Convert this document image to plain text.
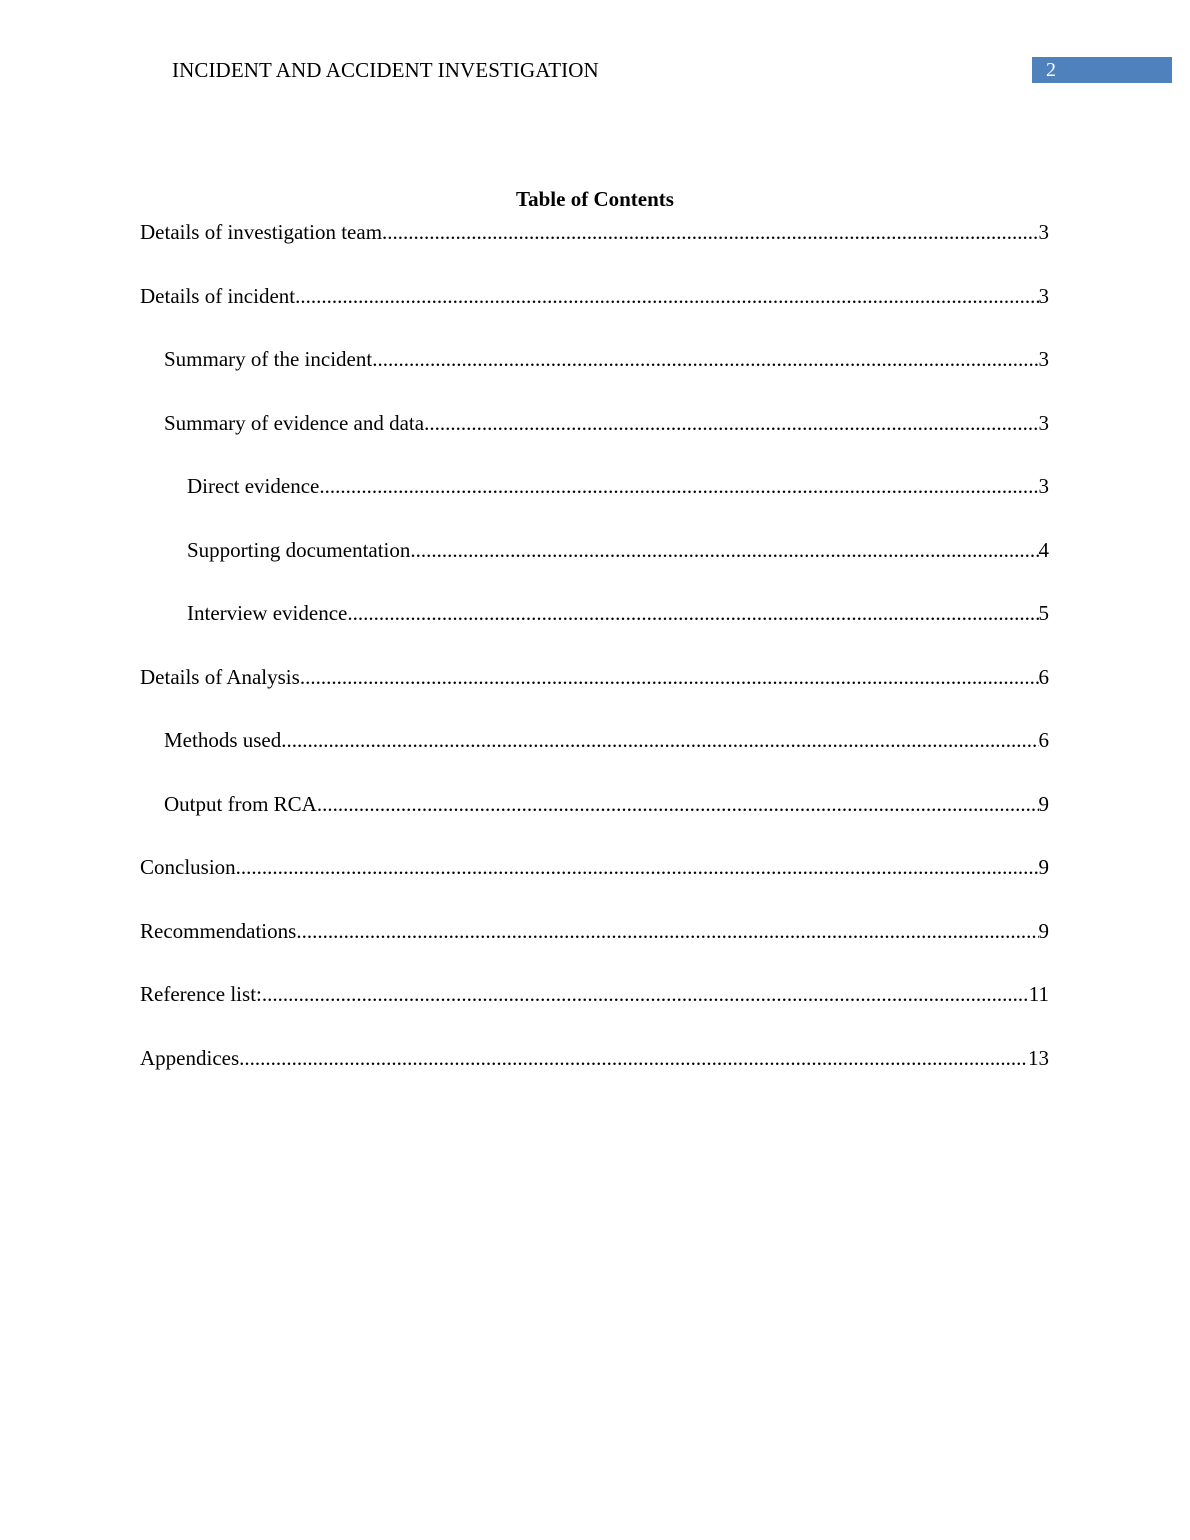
INCIDENT AND ACCIDENT INVESTIGATION	2
Table of Contents
Details of investigation team .....	3
Details of incident .....	3
Summary of the incident .....	3
Summary of evidence and data .....	3
Direct evidence .....	3
Supporting documentation .....	4
Interview evidence .....	5
Details of Analysis .....	6
Methods used .....	6
Output from RCA .....	9
Conclusion .....	9
Recommendations .....	9
Reference list: .....	11
Appendices .....	13
